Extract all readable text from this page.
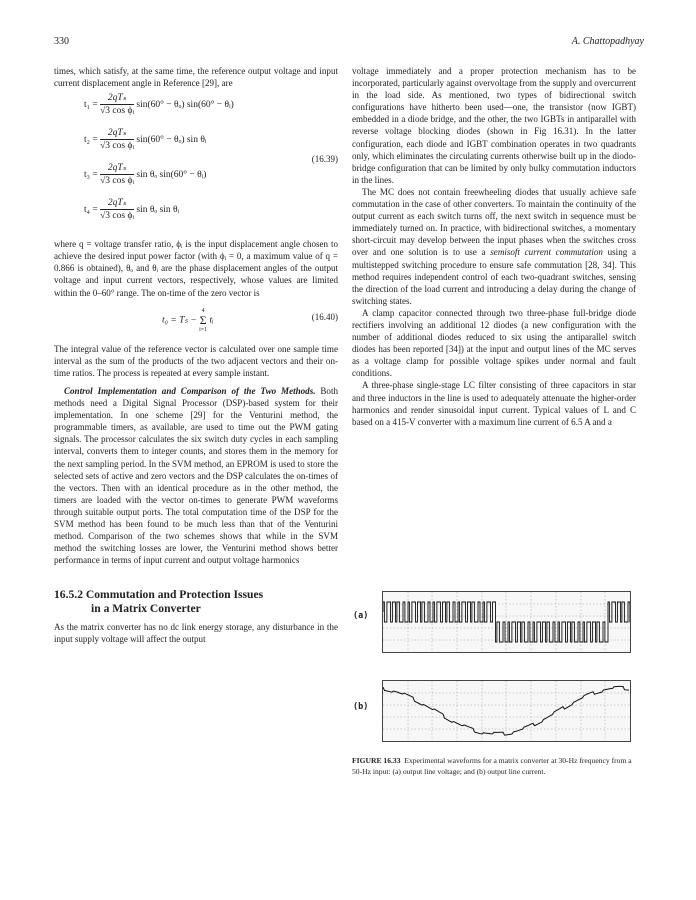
330	A. Chattopadhyay

times, which satisfy, at the same time, the reference output voltage and input current displacement angle in Reference [29], are

$t_1 = \frac{\text{2qTₛ}}{\text{√3 cos ϕᵢ}} \sin(60^\circ - \theta_o) \sin(60^\circ$ − θᵢ)
$t_2 = \frac{\text{2qTₛ}}{\text{√3 cos ϕᵢ}} \sin(60^\circ - \theta_o)$ sin θᵢ
$t_3 = \frac{\text{2qTₛ}}{\text{√3 cos ϕᵢ}}$ sin θₒ sin(60° − θᵢ)
$t_4 = \frac{\text{2qTₛ}}{\text{√3 cos ϕᵢ}}$ sin θₒ sin θᵢ
(16.39)

where q = voltage transfer ratio, ϕᵢ is the input displacement angle chosen to achieve the desired input power factor (with ϕᵢ = 0, a maximum value of q = 0.866 is obtained), θₒ and θᵢ are the phase displacement angles of the output voltage and input current vectors, respectively, whose values are limited within the 0–60° range. The on-time of the zero vector is

t₀ = Tₛ −
4
Σ
i=1
tᵢ	(16.40)

The integral value of the reference vector is calculated over one sample time interval as the sum of the products of the two adjacent vectors and their on-time ratios. The process is repeated at every sample instant.

Control Implementation and Comparison of the Two Methods. Both methods need a Digital Signal Processor (DSP)-based system for their implementation. In one scheme [29] for the Venturini method, the programmable timers, as available, are used to time out the PWM gating signals. The processor calculates the six switch duty cycles in each sampling interval, converts them to integer counts, and stores them in the memory for the next sampling period. In the SVM method, an EPROM is used to store the selected sets of active and zero vectors and the DSP calculates the on-times of the vectors. Then with an identical procedure as in the other method, the timers are loaded with the vector on-times to generate PWM waveforms through suitable output ports. The total computation time of the DSP for the SVM method has been found to be much less than that of the Venturini method. Comparison of the two schemes shows that while in the SVM method the switching losses are lower, the Venturini method shows better performance in terms of input current and output voltage harmonics

16.5.2 Commutation and Protection Issues
in a Matrix Converter

As the matrix converter has no dc link energy storage, any disturbance in the input supply voltage will affect the output

voltage immediately and a proper protection mechanism has to be incorporated, particularly against overvoltage from the supply and overcurrent in the load side. As mentioned, two types of bidirectional switch configurations have hitherto been used—one, the transistor (now IGBT) embedded in a diode bridge, and the other, the two IGBTs in antiparallel with reverse voltage blocking diodes (shown in Fig 16.31). In the latter configuration, each diode and IGBT combination operates in two quadrants only, which eliminates the circulating currents otherwise built up in the diodo-bridge configuration that can be limited by only bulky commutation inductors in the lines.

The MC does not contain freewheeling diodes that usually achieve safe commutation in the case of other converters. To maintain the continuity of the output current as each switch turns off, the next switch in sequence must be immediately turned on. In practice, with bidirectional switches, a momentary short-circuit may develop between the input phases when the switches cross over and one solution is to use a semisoft current commutation using a multistepped switching procedure to ensure safe commutation [28, 34]. This method requires independent control of each two-quadrant switches, sensing the direction of the load current and introducing a delay during the change of switching states.

A clamp capacitor connected through two three-phase full-bridge diode rectifiers involving an additional 12 diodes (a new configuration with the number of additional diodes reduced to six using the antiparallel switch diodes has been reported [34]) at the input and output lines of the MC serves as a voltage clamp for possible voltage spikes under normal and fault conditions.

A three-phase single-stage LC filter consisting of three capacitors in star and three inductors in the line is used to adequately attenuate the higher-order harmonics and render sinusoidal input current. Typical values of L and C based on a 415-V converter with a maximum line current of 6.5 A and a

(a)
(b)
FIGURE 16.33 Experimental waveforms for a matrix converter at 30-Hz frequency from a 50-Hz input: (a) output line voltage; and (b) output line current.
